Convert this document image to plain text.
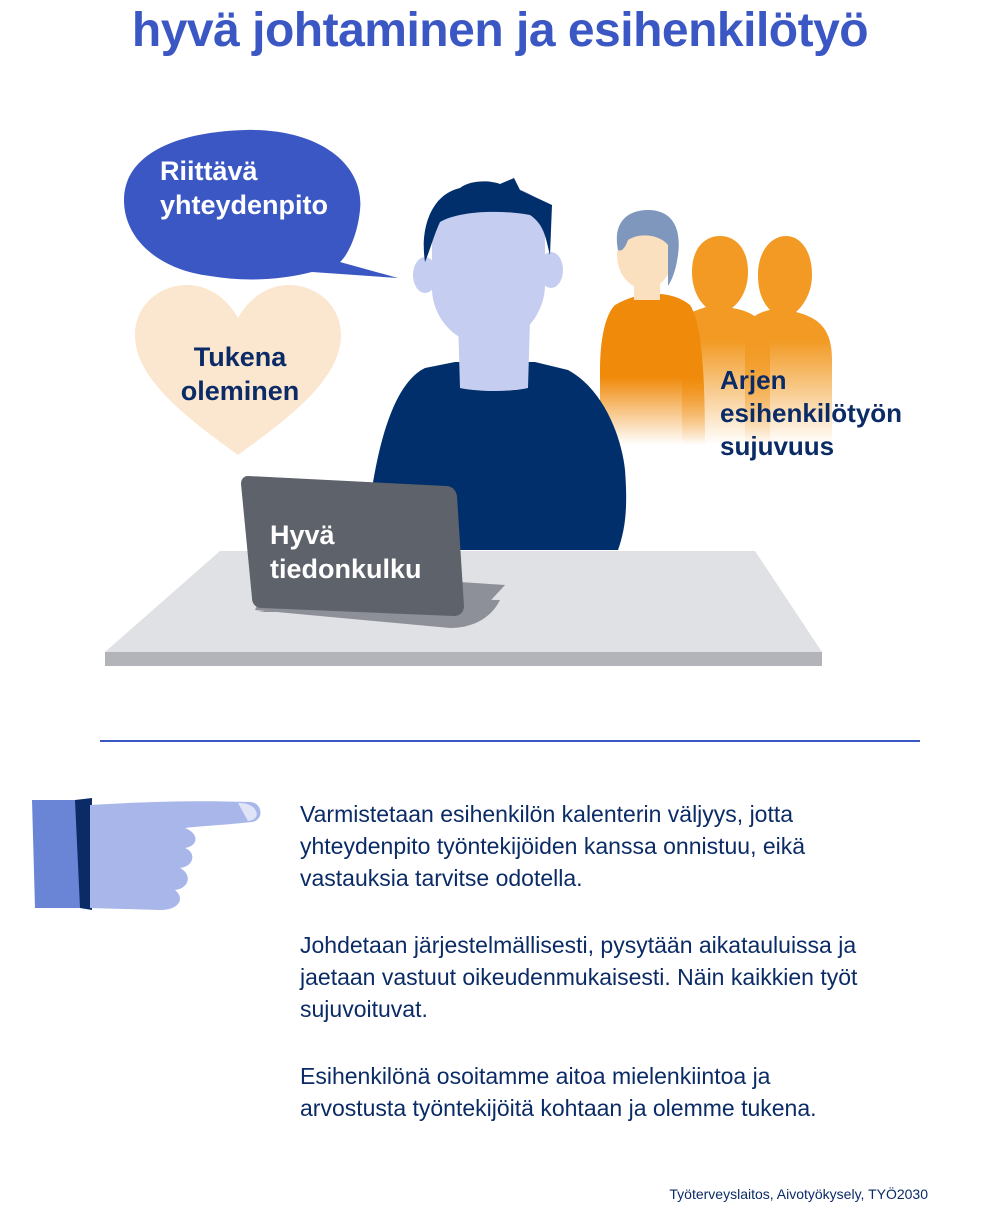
hyvä johtaminen ja esihenkilötyö
Riittävä
yhteydenpito
Tukena
oleminen
Hyvä
tiedonkulku
Arjen
esihenkilötyön
sujuvuus
Varmistetaan esihenkilön kalenterin väljyys, jotta
yhteydenpito työntekijöiden kanssa onnistuu, eikä
vastauksia tarvitse odotella.
Johdetaan järjestelmällisesti, pysytään aikatauluissa ja
jaetaan vastuut oikeudenmukaisesti. Näin kaikkien työt
sujuvoituvat.
Esihenkilönä osoitamme aitoa mielenkiintoa ja
arvostusta työntekijöitä kohtaan ja olemme tukena.
Työterveyslaitos, Aivotyökysely, TYÖ2030
